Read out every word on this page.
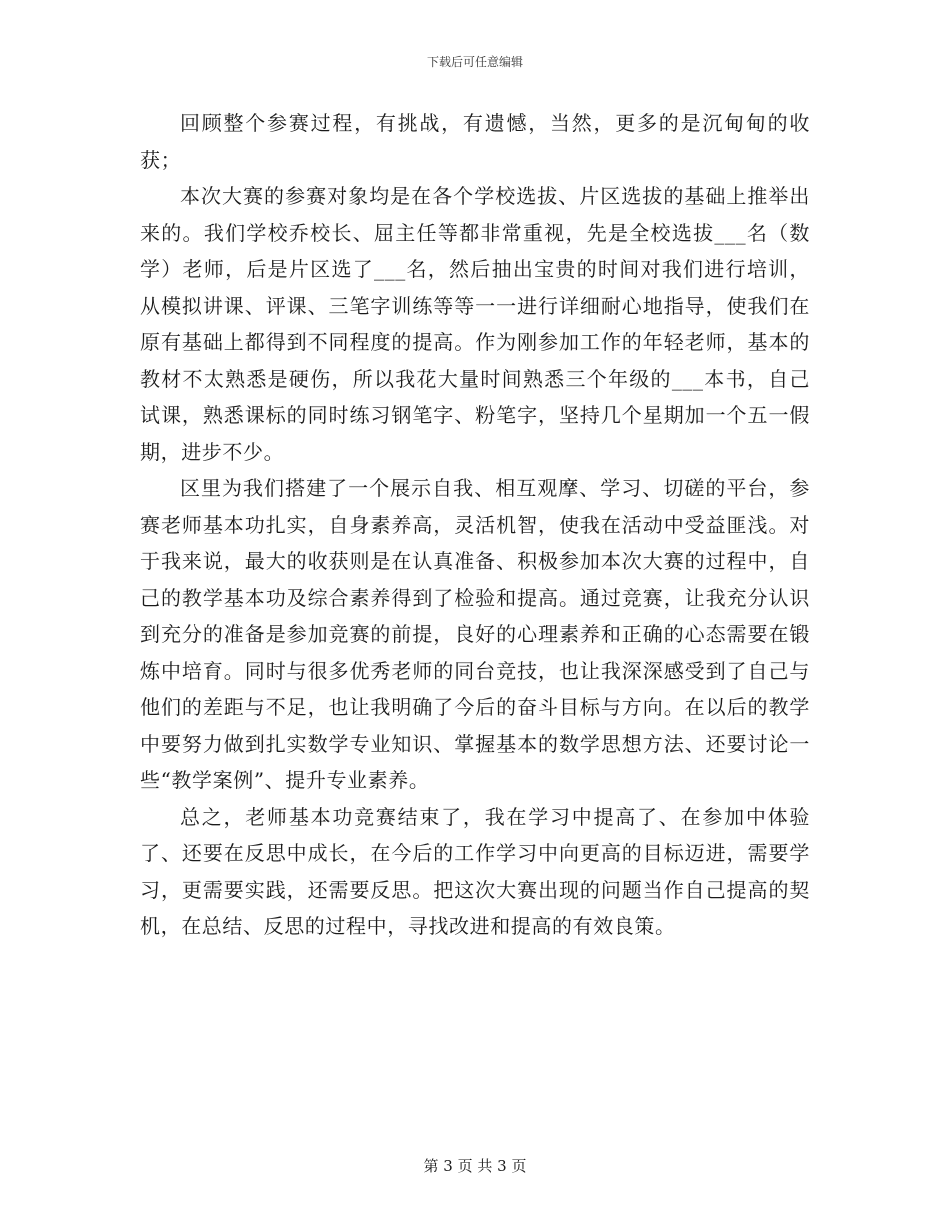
下载后可任意编辑

回顾整个参赛过程，有挑战，有遗憾，当然，更多的是沉甸甸的收获；

本次大赛的参赛对象均是在各个学校选拔、片区选拔的基础上推举出来的。我们学校乔校长、屈主任等都非常重视，先是全校选拔___名（数学）老师，后是片区选了___名，然后抽出宝贵的时间对我们进行培训，从模拟讲课、评课、三笔字训练等等一一进行详细耐心地指导，使我们在原有基础上都得到不同程度的提高。作为刚参加工作的年轻老师，基本的教材不太熟悉是硬伤，所以我花大量时间熟悉三个年级的___本书，自己试课，熟悉课标的同时练习钢笔字、粉笔字，坚持几个星期加一个五一假期，进步不少。

区里为我们搭建了一个展示自我、相互观摩、学习、切磋的平台，参赛老师基本功扎实，自身素养高，灵活机智，使我在活动中受益匪浅。对于我来说，最大的收获则是在认真准备、积极参加本次大赛的过程中，自己的教学基本功及综合素养得到了检验和提高。通过竞赛，让我充分认识到充分的准备是参加竞赛的前提，良好的心理素养和正确的心态需要在锻炼中培育。同时与很多优秀老师的同台竞技，也让我深深感受到了自己与他们的差距与不足，也让我明确了今后的奋斗目标与方向。在以后的教学中要努力做到扎实数学专业知识、掌握基本的数学思想方法、还要讨论一些“教学案例”、提升专业素养。

总之，老师基本功竞赛结束了，我在学习中提高了、在参加中体验了、还要在反思中成长，在今后的工作学习中向更高的目标迈进，需要学习，更需要实践，还需要反思。把这次大赛出现的问题当作自己提高的契机，在总结、反思的过程中，寻找改进和提高的有效良策。

第 3 页 共 3 页
